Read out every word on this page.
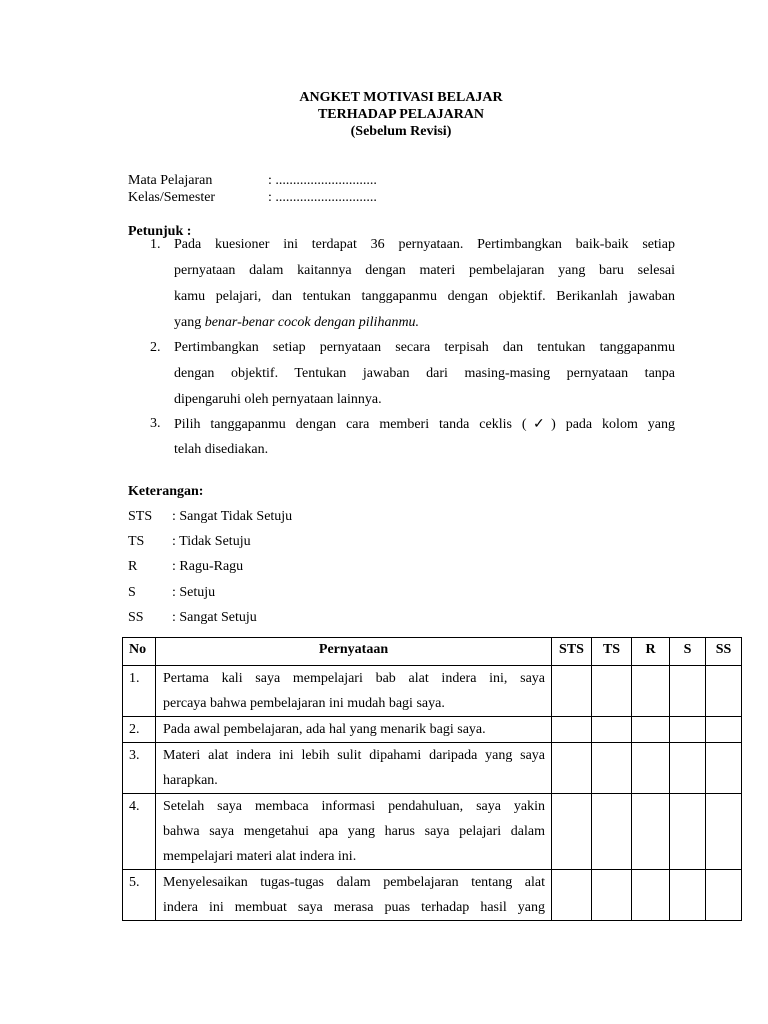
ANGKET MOTIVASI BELAJAR
TERHADAP PELAJARAN
(Sebelum Revisi)
Mata Pelajaran	: .............................
Kelas/Semester	: .............................
Petunjuk :
1. Pada kuesioner ini terdapat 36 pernyataan. Pertimbangkan baik-baik setiap
pernyataan dalam kaitannya dengan materi pembelajaran yang baru selesai
kamu pelajari, dan tentukan tanggapanmu dengan objektif. Berikanlah jawaban
yang benar-benar cocok dengan pilihanmu.
2. Pertimbangkan setiap pernyataan secara terpisah dan tentukan tanggapanmu
dengan objektif. Tentukan jawaban dari masing-masing pernyataan tanpa
dipengaruhi oleh pernyataan lainnya.
3. Pilih tanggapanmu dengan cara memberi tanda ceklis (✓) pada kolom yang
telah disediakan.
Keterangan:
STS : Sangat Tidak Setuju
TS : Tidak Setuju
R : Ragu-Ragu
S	: Setuju
SS : Sangat Setuju
No	Pernyataan	STS	TS	R	S	SS

1.	Pertama kali saya mempelajari bab alat indera ini, saya
percaya bahwa pembelajaran ini mudah bagi saya.					

2.	Pada awal pembelajaran, ada hal yang menarik bagi saya.					

3.	Materi alat indera ini lebih sulit dipahami daripada yang saya
harapkan.					

4.	Setelah saya membaca informasi pendahuluan, saya yakin
bahwa saya mengetahui apa yang harus saya pelajari dalam
mempelajari materi alat indera ini.					

5.	Menyelesaikan tugas-tugas dalam pembelajaran tentang alat
indera ini membuat saya merasa puas terhadap hasil yang					
